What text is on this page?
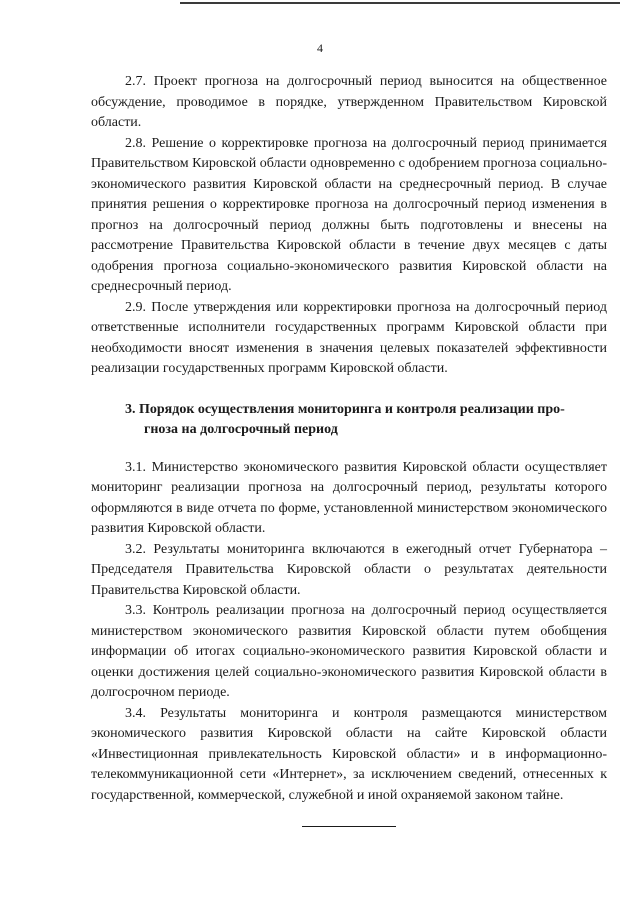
4

2.7. Проект прогноза на долгосрочный период выносится на общественное обсуждение, проводимое в порядке, утвержденном Правительством Кировской области.

2.8. Решение о корректировке прогноза на долгосрочный период принимается Правительством Кировской области одновременно с одобрением прогноза социально-экономического развития Кировской области на среднесрочный период. В случае принятия решения о корректировке прогноза на долгосрочный период изменения в прогноз на долгосрочный период должны быть подготовлены и внесены на рассмотрение Правительства Кировской области в течение двух месяцев с даты одобрения прогноза социально-экономического развития Кировской области на среднесрочный период.

2.9. После утверждения или корректировки прогноза на долгосрочный период ответственные исполнители государственных программ Кировской области при необходимости вносят изменения в значения целевых показателей эффективности реализации государственных программ Кировской области.

3. Порядок осуществления мониторинга и контроля реализации про-
гноза на долгосрочный период

3.1. Министерство экономического развития Кировской области осуществляет мониторинг реализации прогноза на долгосрочный период, результаты которого оформляются в виде отчета по форме, установленной министерством экономического развития Кировской области.

3.2. Результаты мониторинга включаются в ежегодный отчет Губернатора – Председателя Правительства Кировской области о результатах деятельности Правительства Кировской области.

3.3. Контроль реализации прогноза на долгосрочный период осуществляется министерством экономического развития Кировской области путем обобщения информации об итогах социально-экономического развития Кировской области и оценки достижения целей социально-экономического развития Кировской области в долгосрочном периоде.

3.4. Результаты мониторинга и контроля размещаются министерством экономического развития Кировской области на сайте Кировской области «Инвестиционная привлекательность Кировской области» и в информационно-телекоммуникационной сети «Интернет», за исключением сведений, отнесенных к государственной, коммерческой, служебной и иной охраняемой законом тайне.
